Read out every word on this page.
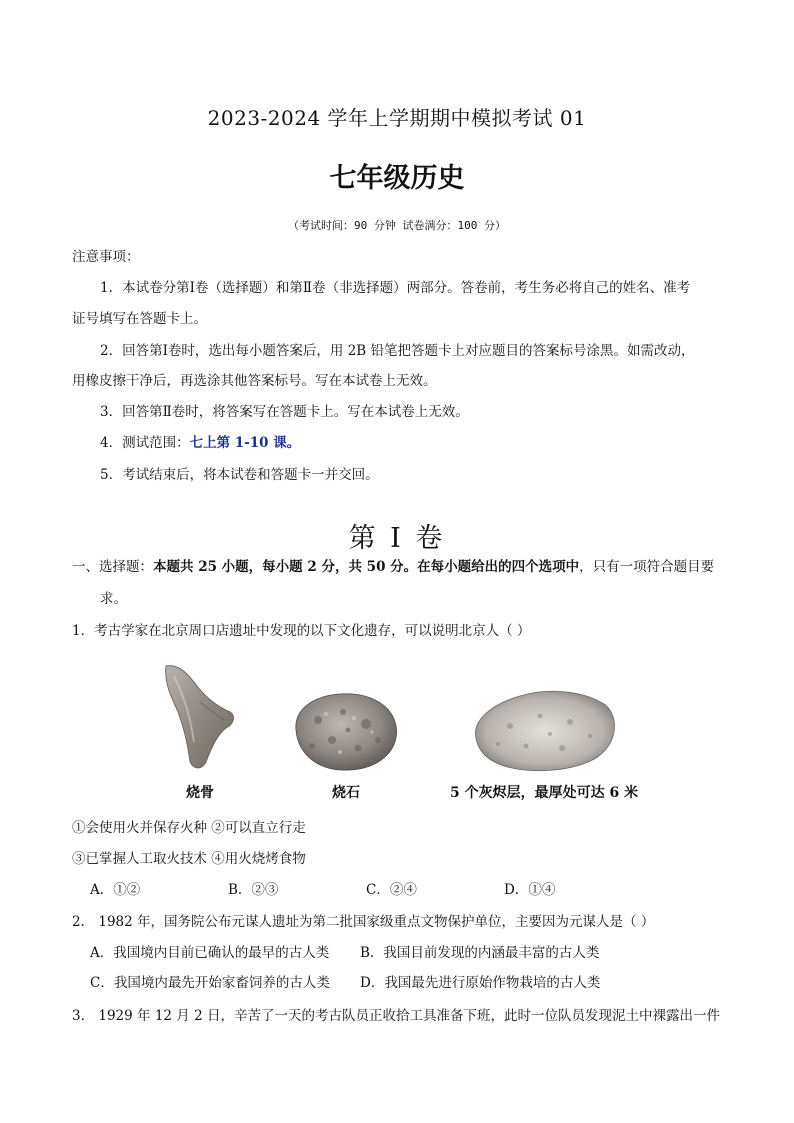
2023-2024 学年上学期期中模拟考试 01
七年级历史
（考试时间：90 分钟 试卷满分：100 分）
注意事项：
1．本试卷分第Ⅰ卷（选择题）和第Ⅱ卷（非选择题）两部分。答卷前，考生务必将自己的姓名、准考
证号填写在答题卡上。
2．回答第Ⅰ卷时，选出每小题答案后，用 2B 铅笔把答题卡上对应题目的答案标号涂黑。如需改动，
用橡皮擦干净后，再选涂其他答案标号。写在本试卷上无效。
3．回答第Ⅱ卷时，将答案写在答题卡上。写在本试卷上无效。
4．测试范围：七上第 1-10 课。
5．考试结束后，将本试卷和答题卡一并交回。
第 I 卷
一、选择题：本题共 25 小题，每小题 2 分，共 50 分。在每小题给出的四个选项中，只有一项符合题目要
求。
1．考古学家在北京周口店遗址中发现的以下文化遗存，可以说明北京人（ ）
烧骨	烧石	5 个灰烬层，最厚处可达 6 米
①会使用火并保存火种 ②可以直立行走
③已掌握人工取火技术 ④用火烧烤食物
A．①②	B．②③	C．②④	D．①④
2． 1982 年，国务院公布元谋人遗址为第二批国家级重点文物保护单位，主要因为元谋人是（ ）
A．我国境内目前已确认的最早的古人类 B．我国目前发现的内涵最丰富的古人类
C．我国境内最先开始家畜饲养的古人类 D．我国最先进行原始作物栽培的古人类
3． 1929 年 12 月 2 日，辛苦了一天的考古队员正收拾工具准备下班，此时一位队员发现泥土中裸露出一件
